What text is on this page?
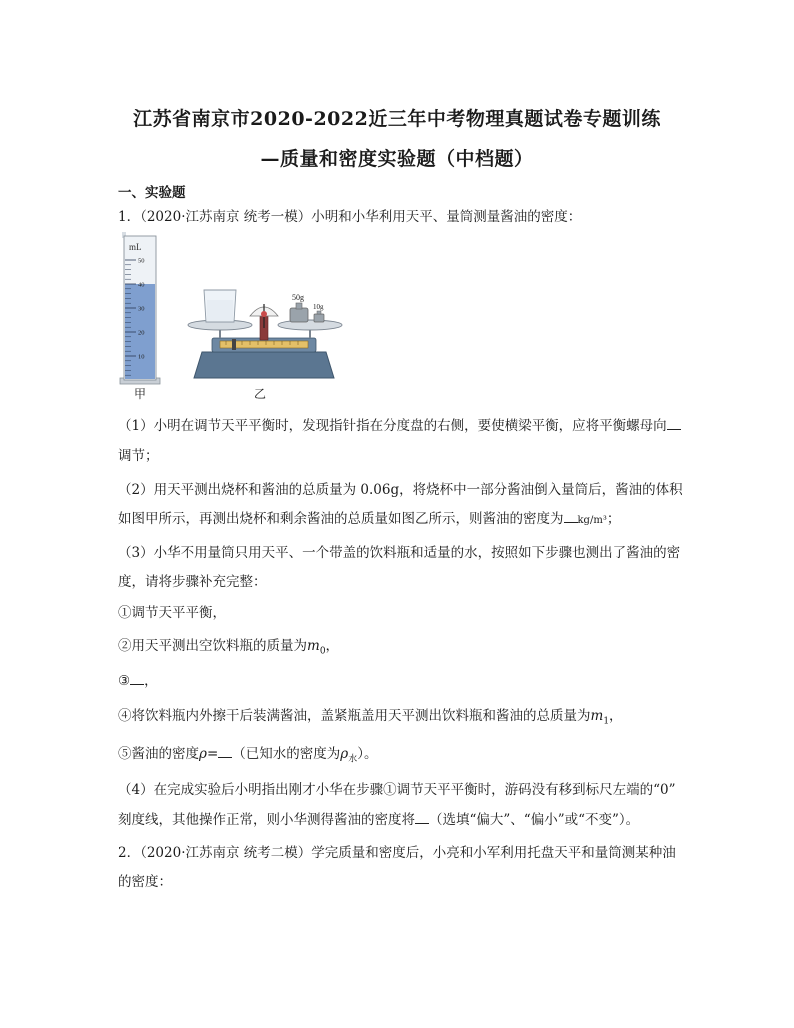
江苏省南京市2020-2022近三年中考物理真题试卷专题训练
—质量和密度实验题（中档题）
一、实验题
1．（2020·江苏南京 统考一模）小明和小华利用天平、量筒测量酱油的密度：
50
40
30
20
10
mL
甲
50g
10g
乙
（1）小明在调节天平平衡时，发现指针指在分度盘的右侧，要使横梁平衡，应将平衡螺母向
调节；
（2）用天平测出烧杯和酱油的总质量为 0.06g，将烧杯中一部分酱油倒入量筒后，酱油的体积
如图甲所示，再测出烧杯和剩余酱油的总质量如图乙所示，则酱油的密度为 kg/m³；
（3）小华不用量筒只用天平、一个带盖的饮料瓶和适量的水，按照如下步骤也测出了酱油的密
度，请将步骤补充完整：
①调节天平平衡，
②用天平测出空饮料瓶的质量为$m_0$，
③ ，
④将饮料瓶内外擦干后装满酱油，盖紧瓶盖用天平测出饮料瓶和酱油的总质量为$m_1$，
⑤酱油的密度ρ= （已知水的密度为$\rho_水$）。
（4）在完成实验后小明指出刚才小华在步骤①调节天平平衡时，游码没有移到标尺左端的“0”
刻度线，其他操作正常，则小华测得酱油的密度将 （选填“偏大”、“偏小”或“不变”）。
2．（2020·江苏南京 统考二模）学完质量和密度后，小亮和小军利用托盘天平和量筒测某种油
的密度：
